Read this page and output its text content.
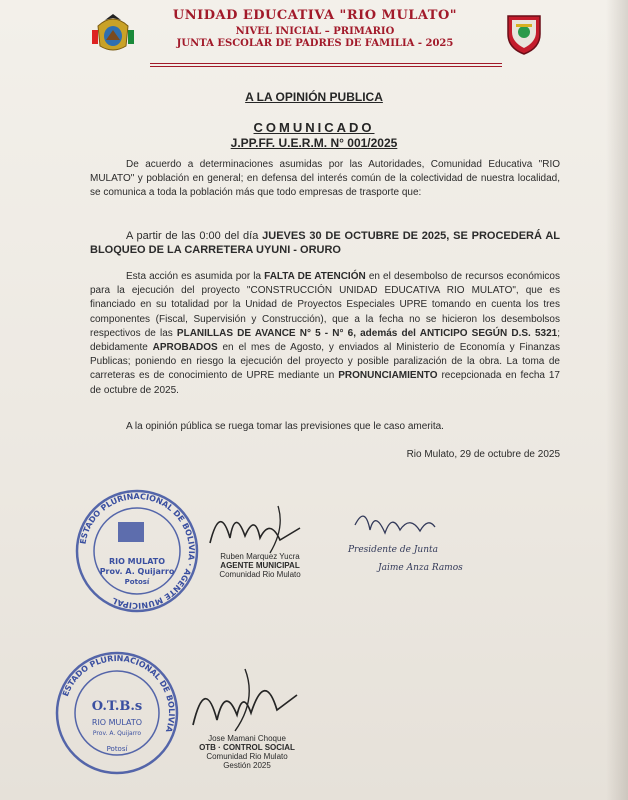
UNIDAD EDUCATIVA "RIO MULATO"
NIVEL INICIAL – PRIMARIO
JUNTA ESCOLAR DE PADRES DE FAMILIA - 2025
A LA OPINIÓN PUBLICA
COMUNICADO
J.PP.FF. U.E.R.M. N° 001/2025
De acuerdo a determinaciones asumidas por las Autoridades, Comunidad Educativa "RIO MULATO" y población en general; en defensa del interés común de la colectividad de nuestra localidad, se comunica a toda la población más que todo empresas de trasporte que:
A partir de las 0:00 del día JUEVES 30 DE OCTUBRE DE 2025, SE PROCEDERÁ AL BLOQUEO DE LA CARRETERA UYUNI - ORURO
Esta acción es asumida por la FALTA DE ATENCIÓN en el desembolso de recursos económicos para la ejecución del proyecto "CONSTRUCCIÓN UNIDAD EDUCATIVA RIO MULATO", que es financiado en su totalidad por la Unidad de Proyectos Especiales UPRE tomando en cuenta los tres componentes (Fiscal, Supervisión y Construcción), que a la fecha no se hicieron los desembolsos respectivos de las PLANILLAS DE AVANCE N° 5 - N° 6, además del ANTICIPO SEGÚN D.S. 5321; debidamente APROBADOS en el mes de Agosto, y enviados al Ministerio de Economía y Finanzas Publicas; poniendo en riesgo la ejecución del proyecto y posible paralización de la obra. La toma de carreteras es de conocimiento de UPRE mediante un PRONUNCIAMIENTO recepcionada en fecha 17 de octubre de 2025.
A la opinión pública se ruega tomar las previsiones que le caso amerita.
Rio Mulato, 29 de octubre de 2025
ESTADO PLURINACIONAL DE BOLIVIA · AGENTE MUNICIPAL
RIO MULATO
Prov. A. Quijarro
Potosí
Ruben Marquez Yucra
AGENTE MUNICIPAL
Comunidad Rio Mulato
Presidente de Junta
Jaime Anza Ramos
ESTADO PLURINACIONAL DE BOLIVIA
O.T.B.s
RIO MULATO
Prov. A. Quijarro
Potosí
Jose Mamani Choque
OTB · CONTROL SOCIAL
Comunidad Rio Mulato
Gestión 2025
